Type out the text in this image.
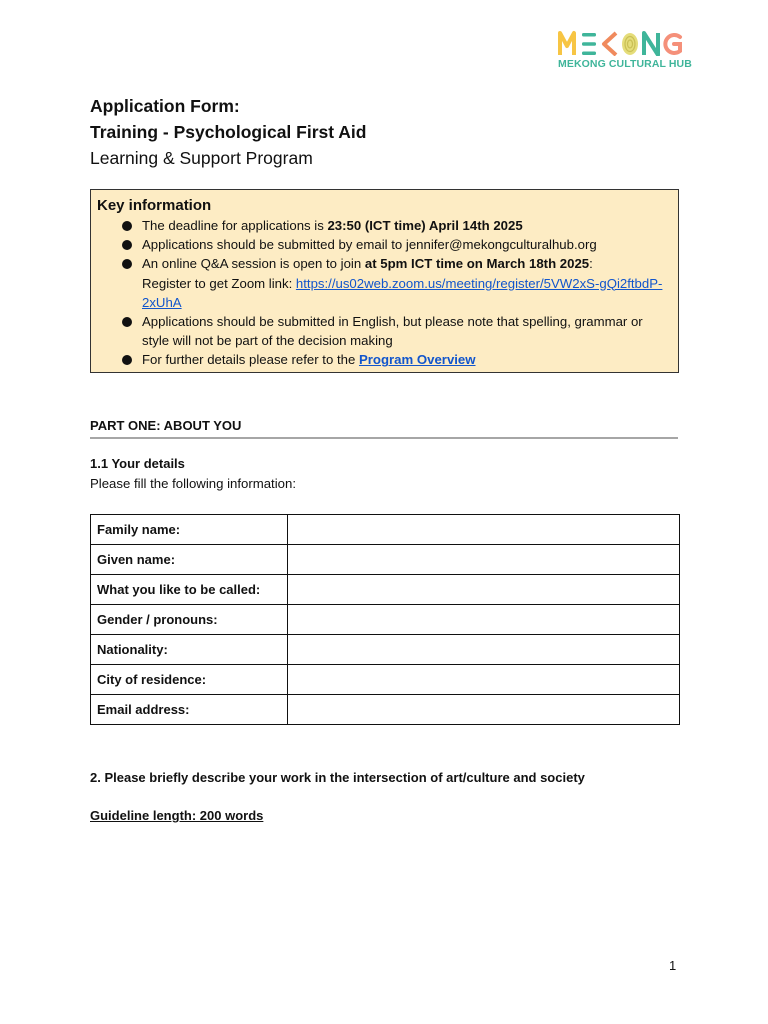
MEKONG CULTURAL HUB
Application Form:
Training - Psychological First Aid
Learning & Support Program
Key information
The deadline for applications is 23:50 (ICT time) April 14th 2025
Applications should be submitted by email to jennifer@mekongculturalhub.org
An online Q&A session is open to join at 5pm ICT time on March 18th 2025:
Register to get Zoom link: https://us02web.zoom.us/meeting/register/5VW2xS-gQi2ftbdP-2xUhA
Applications should be submitted in English, but please note that spelling, grammar or style will not be part of the decision making
For further details please refer to the Program Overview
PART ONE: ABOUT YOU
1.1 Your details
Please fill the following information:
Family name:	
Given name:	
What you like to be called:	
Gender / pronouns:	
Nationality:	
City of residence:	
Email address:	
2. Please briefly describe your work in the intersection of art/culture and society
Guideline length: 200 words
1
